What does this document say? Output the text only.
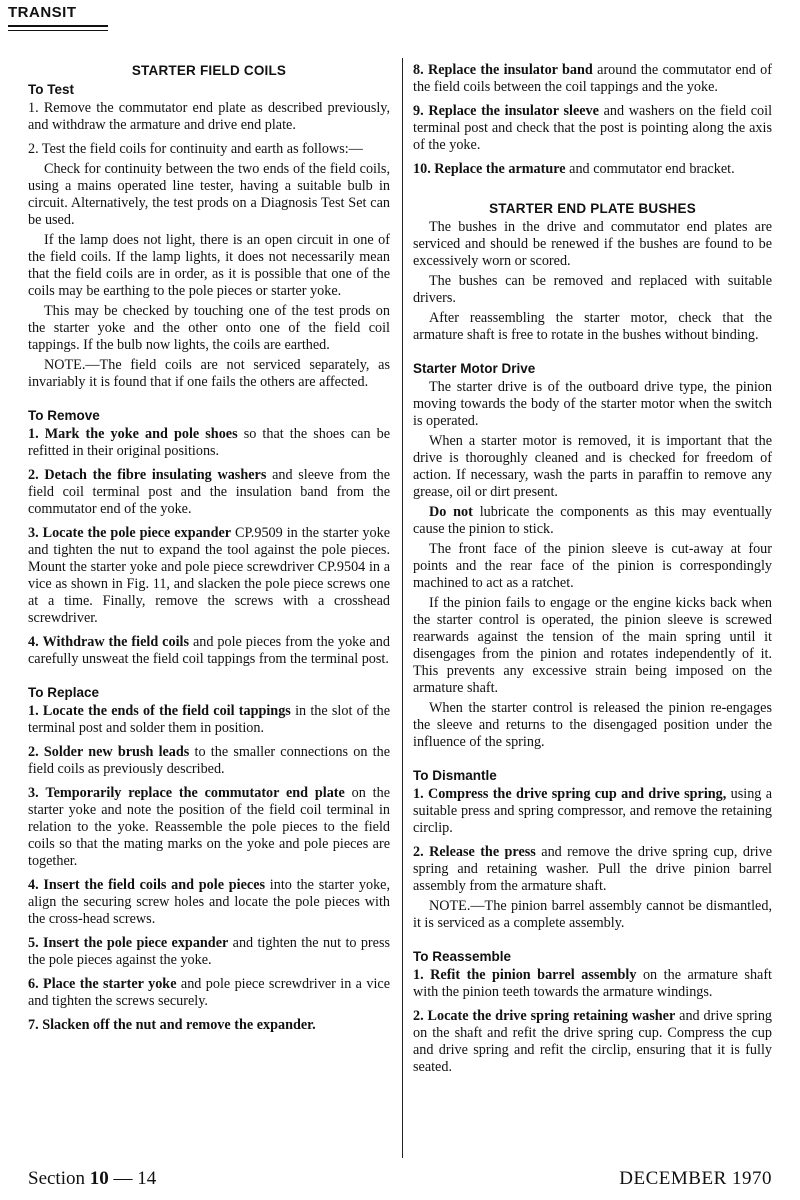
TRANSIT
STARTER FIELD COILS
To Test

1. Remove the commutator end plate as described previously, and withdraw the armature and drive end plate.

2. Test the field coils for continuity and earth as follows:—

Check for continuity between the two ends of the field coils, using a mains operated line tester, having a suitable bulb in circuit. Alternatively, the test prods on a Diagnosis Test Set can be used.

If the lamp does not light, there is an open circuit in one of the field coils. If the lamp lights, it does not necessarily mean that the field coils are in order, as it is possible that one of the coils may be earthing to the pole pieces or starter yoke.

This may be checked by touching one of the test prods on the starter yoke and the other onto one of the field coil tappings. If the bulb now lights, the coils are earthed.

NOTE.—The field coils are not serviced separately, as invariably it is found that if one fails the others are affected.

To Remove

1. Mark the yoke and pole shoes so that the shoes can be refitted in their original positions.

2. Detach the fibre insulating washers and sleeve from the field coil terminal post and the insulation band from the commutator end of the yoke.

3. Locate the pole piece expander CP.9509 in the starter yoke and tighten the nut to expand the tool against the pole pieces. Mount the starter yoke and pole piece screwdriver CP.9504 in a vice as shown in Fig. 11, and slacken the pole piece screws one at a time. Finally, remove the screws with a crosshead screwdriver.

4. Withdraw the field coils and pole pieces from the yoke and carefully unsweat the field coil tappings from the terminal post.

To Replace

1. Locate the ends of the field coil tappings in the slot of the terminal post and solder them in position.

2. Solder new brush leads to the smaller connections on the field coils as previously described.

3. Temporarily replace the commutator end plate on the starter yoke and note the position of the field coil terminal in relation to the yoke. Reassemble the pole pieces to the field coils so that the mating marks on the yoke and pole pieces are together.

4. Insert the field coils and pole pieces into the starter yoke, align the securing screw holes and locate the pole pieces with the cross-head screws.

5. Insert the pole piece expander and tighten the nut to press the pole pieces against the yoke.

6. Place the starter yoke and pole piece screwdriver in a vice and tighten the screws securely.

7. Slacken off the nut and remove the expander.

8. Replace the insulator band around the commutator end of the field coils between the coil tappings and the yoke.

9. Replace the insulator sleeve and washers on the field coil terminal post and check that the post is pointing along the axis of the yoke.

10. Replace the armature and commutator end bracket.

STARTER END PLATE BUSHES

The bushes in the drive and commutator end plates are serviced and should be renewed if the bushes are found to be excessively worn or scored.

The bushes can be removed and replaced with suitable drivers.

After reassembling the starter motor, check that the armature shaft is free to rotate in the bushes without binding.

Starter Motor Drive

The starter drive is of the outboard drive type, the pinion moving towards the body of the starter motor when the switch is operated.

When a starter motor is removed, it is important that the drive is thoroughly cleaned and is checked for freedom of action. If necessary, wash the parts in paraffin to remove any grease, oil or dirt present.

Do not lubricate the components as this may eventually cause the pinion to stick.

The front face of the pinion sleeve is cut-away at four points and the rear face of the pinion is correspondingly machined to act as a ratchet.

If the pinion fails to engage or the engine kicks back when the starter control is operated, the pinion sleeve is screwed rearwards against the tension of the main spring until it disengages from the pinion and rotates independently of it. This prevents any excessive strain being imposed on the armature shaft.

When the starter control is released the pinion re-engages the sleeve and returns to the disengaged position under the influence of the spring.

To Dismantle

1. Compress the drive spring cup and drive spring, using a suitable press and spring compressor, and remove the retaining circlip.

2. Release the press and remove the drive spring cup, drive spring and retaining washer. Pull the drive pinion barrel assembly from the armature shaft.

NOTE.—The pinion barrel assembly cannot be dismantled, it is serviced as a complete assembly.

To Reassemble

1. Refit the pinion barrel assembly on the armature shaft with the pinion teeth towards the armature windings.

2. Locate the drive spring retaining washer and drive spring on the shaft and refit the drive spring cup. Compress the cup and drive spring and refit the circlip, ensuring that it is fully seated.

Section 10 — 14	DECEMBER 1970
